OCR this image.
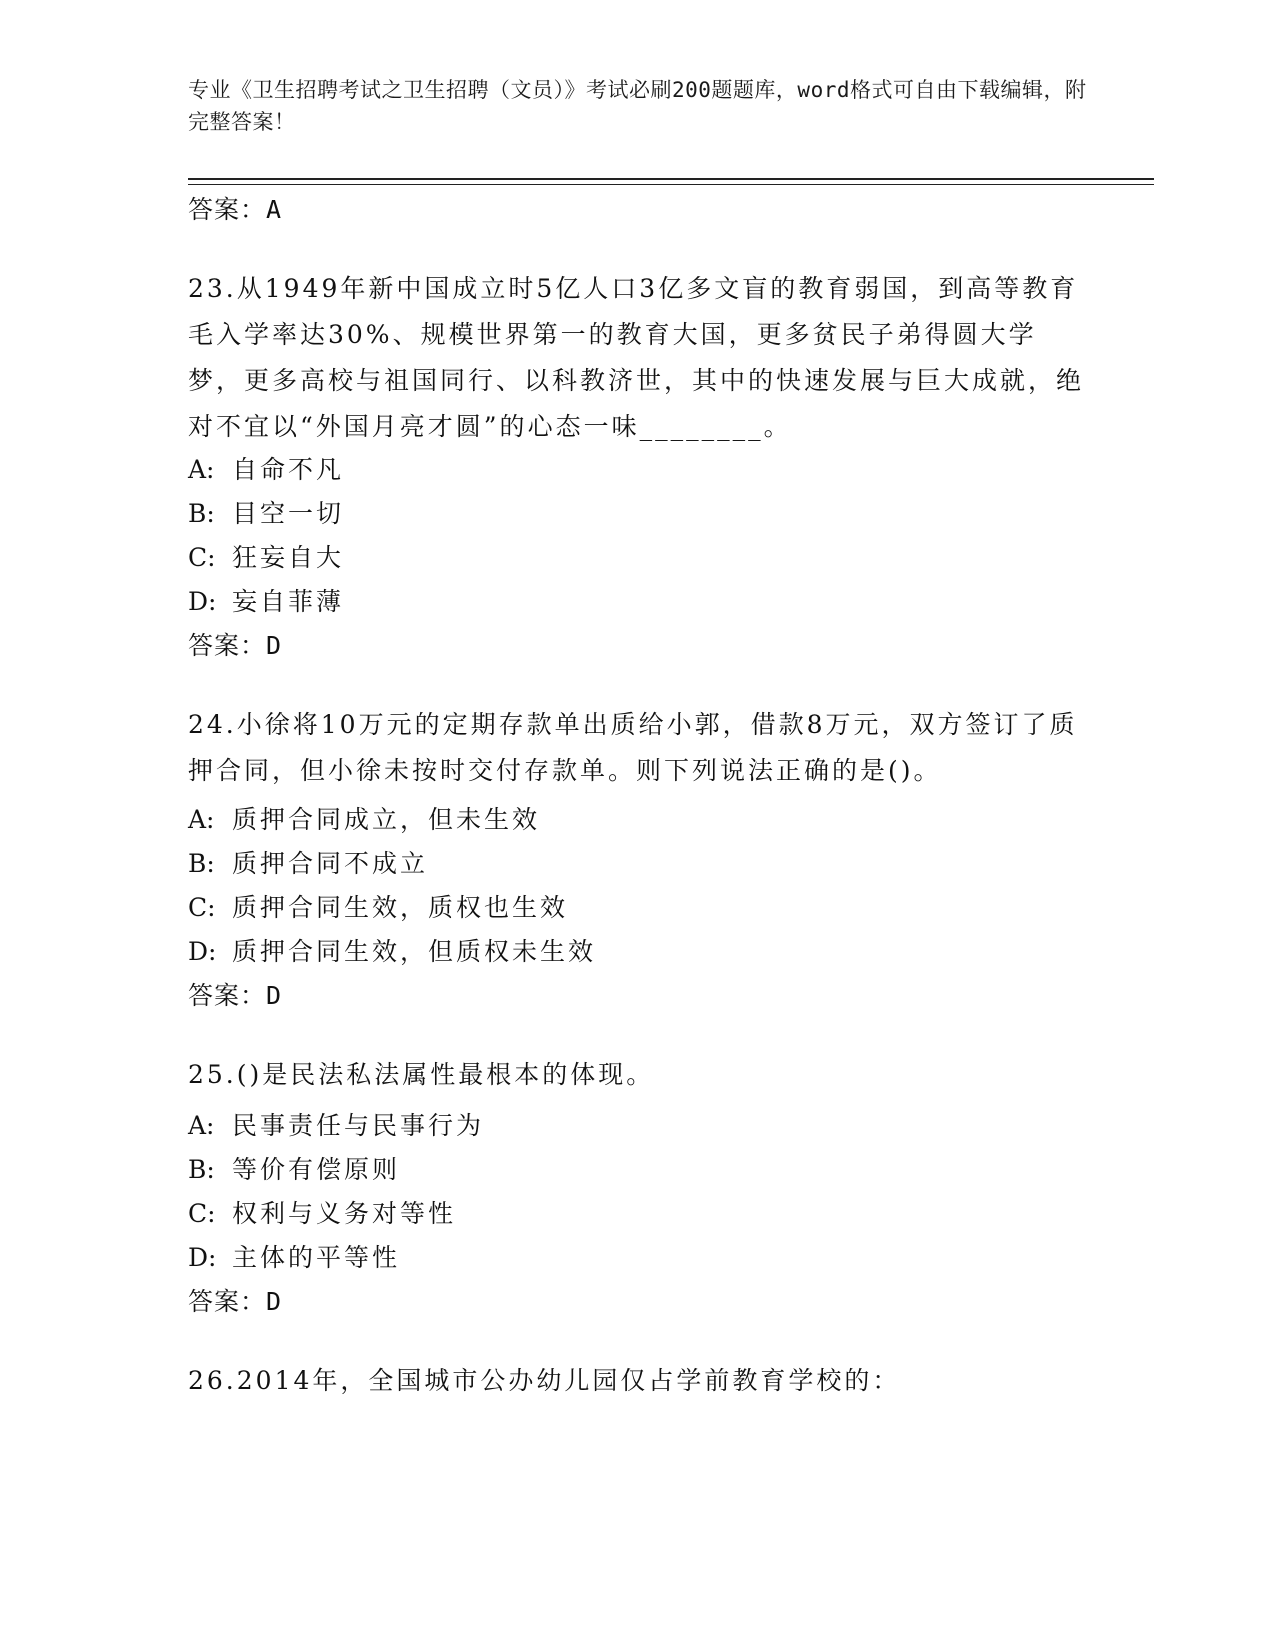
专业《卫生招聘考试之卫生招聘（文员）》考试必刷200题题库，word格式可自由下载编辑，附完整答案！
答案：A
23.从1949年新中国成立时5亿人口3亿多文盲的教育弱国，到高等教育毛入学率达30%、规模世界第一的教育大国，更多贫民子弟得圆大学梦，更多高校与祖国同行、以科教济世，其中的快速发展与巨大成就，绝对不宜以“外国月亮才圆”的心态一味________。
A: 自命不凡
B: 目空一切
C: 狂妄自大
D: 妄自菲薄
答案：D
24.小徐将10万元的定期存款单出质给小郭，借款8万元，双方签订了质押合同，但小徐未按时交付存款单。则下列说法正确的是()。
A: 质押合同成立，但未生效
B: 质押合同不成立
C: 质押合同生效，质权也生效
D: 质押合同生效，但质权未生效
答案：D
25.()是民法私法属性最根本的体现。
A: 民事责任与民事行为
B: 等价有偿原则
C: 权利与义务对等性
D: 主体的平等性
答案：D
26.2014年，全国城市公办幼儿园仅占学前教育学校的：
